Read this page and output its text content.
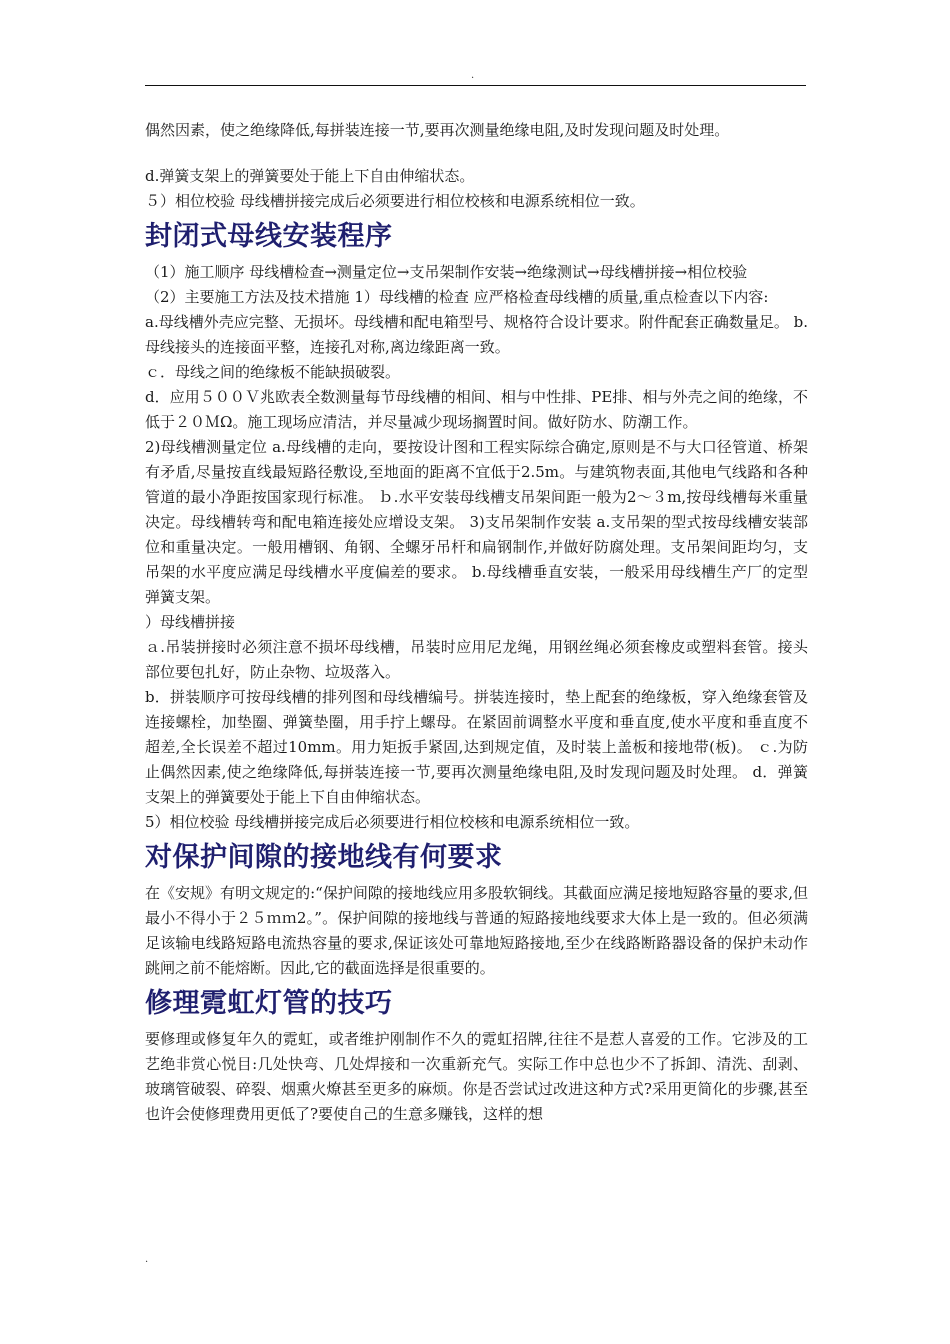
.

偶然因素，使之绝缘降低,每拼装连接一节,要再次测量绝缘电阻,及时发现问题及时处理。

d.弹簧支架上的弹簧要处于能上下自由伸缩状态。

５）相位校验 ‍母线槽拼接完成后必须要进行相位校核和电源系统相位一致。

封闭式母线安装程序

（1）施工顺序 ‍母线槽检查→测量定位→支吊架制作安装→绝缘测试→母线槽拼接→相位校验

（2）主要施工方法及技术措施 1‍）母线槽的检查 ‍应严格检查母线槽的质量,重点检查以下内容:

a.母线槽外壳应完整、无损坏。母线槽和配电箱型号、规格符合设计要求。附件配套正确数量足。 ‍b.母线接头的连接面平整，连接孔对称,离边缘距离一致。

ｃ．母线之间的绝缘板不能缺损破裂。

d．应用５００Ｖ兆欧表全数测量每节母线槽的相间、相与中性排、PE排、相与外壳之间的绝缘，不低于２０ＭΩ。施工现场应清洁，并尽量减少现场搁置时间。做好防水、防潮工作。

2)母线槽测量定位 ‍a.母线槽的走向，要按设计图和工程实际综合确定,原则是不与大口径管道、桥架有矛盾,尽量按直线最短路径敷设,至地面的距离不宜低于2.5m。与建筑物表面,其他电气线路和各种管道的最小净距按国家现行标准。 ‍ｂ.水平安装母线槽支吊架间距一般为2～３m,按母线槽每米重量决定。母线槽转弯和配电箱连接处应增设支架。 3‍)支吊架制作安装 ‍a.支吊架的型式按母线槽安装部位和重量决定。一般用槽钢、角钢、全螺牙吊杆和扁钢制作,并做好防腐处理。支吊架间距均匀，支吊架的水平度应满足母线槽水平度偏差的要求。 ‍b.母线槽垂直安装，一般采用母线槽生产厂的定型弹簧支架。

）母线槽拼接

ａ.吊装拼接时必须注意不损坏母线槽，吊装时应用尼龙绳，用钢丝绳必须套橡皮或塑料套管。接头部位要包扎好，防止杂物、垃圾落入。

b．拼装顺序可按母线槽的排列图和母线槽编号。拼装连接时，垫上配套的绝缘板，穿入绝缘套管及连接螺栓，加垫圈、弹簧垫圈，用手拧上螺母。在紧固前调整水平度和垂直度,使水平度和垂直度不超差,全长误差不超过10mm。用力矩扳手紧固,达到规定值，及时装上盖板和接地带(板)。 ‍ｃ.为防止偶然因素,使之绝缘降低,每拼装连接一节,要再次测量绝缘电阻,及时发现问题及时处理。 ‍d．弹簧支架上的弹簧要处于能上下自由伸缩状态。

5）相位校验 ‍母线槽拼接完成后必须要进行相位校核和电源系统相位一致。

对保护间隙的接地线有何要求

在《安规》有明文规定的:“保护间隙的接地线应用多股软铜线。其截面应满足接地短路容量的要求,但最小不得小于２５ｍｍ2。”。保护间隙的接地线与普通的短路接地线要求大体上是一致的。但必须满足该输电线路短路电流热容量的要求,保证该处可靠地短路接地,至少在线路断路器设备的保护未动作跳闸之前不能熔断。因此,它的截面选择是很重要的。

修理霓虹灯管的技巧

要修理或修复年久的霓虹，或者维护刚制作不久的霓虹招牌,往往不是惹人喜爱的工作。它涉及的工艺绝非赏心悦目:几处快弯、几处焊接和一次重新充气。实际工作中总也少不了拆卸、清洗、刮剥、玻璃管破裂、碎裂、烟熏火燎甚至更多的麻烦。你是否尝试过改进这种方式?采用更简化的步骤,甚至也许会使修理费用更低了?要使自己的生意多赚钱，这样的想

.
